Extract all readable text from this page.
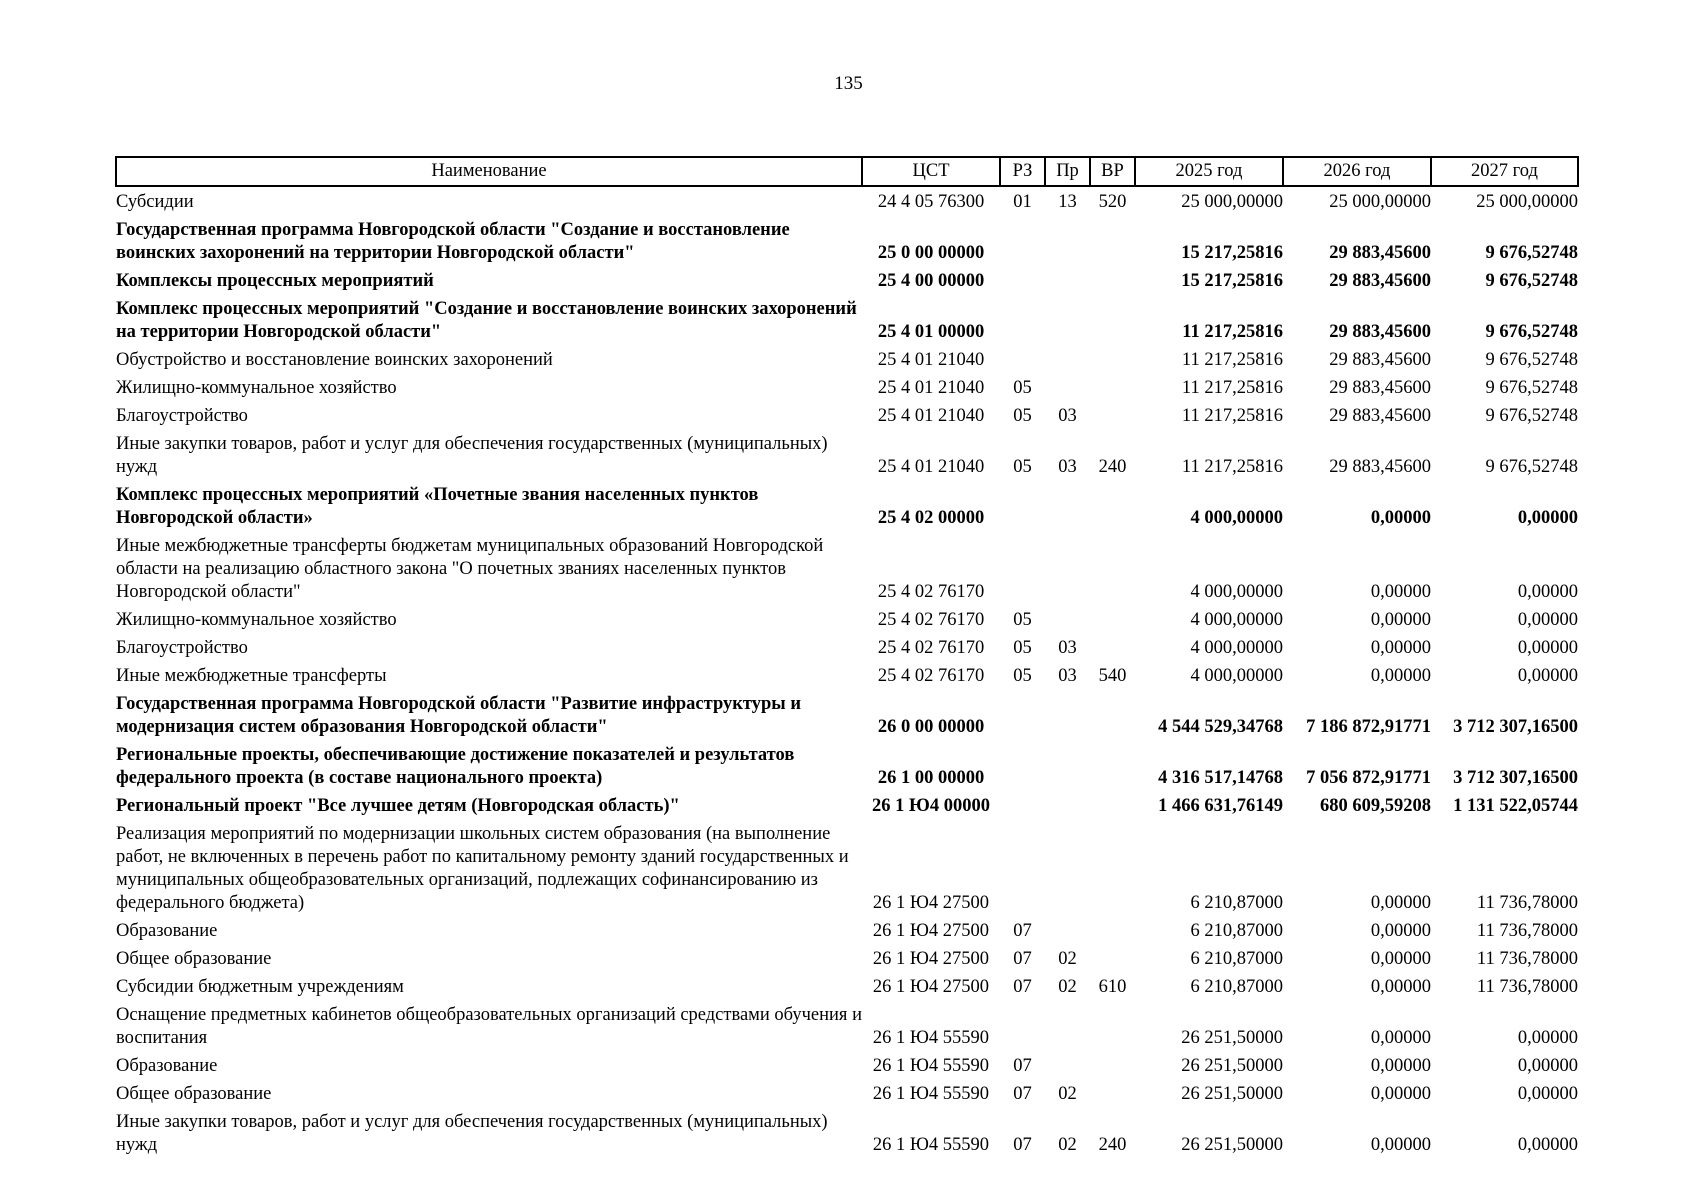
135
Наименование	ЦСТ	РЗ	Пр	ВР	2025 год	2026 год	2027 год
Субсидии	24 4 05 76300	01	13	520	25 000,00000	25 000,00000	25 000,00000
Государственная программа Новгородской области "Создание и восстановление воинских захоронений на территории Новгородской области"	25 0 00 00000				15 217,25816	29 883,45600	9 676,52748
Комплексы процессных мероприятий	25 4 00 00000				15 217,25816	29 883,45600	9 676,52748
Комплекс процессных мероприятий "Создание и восстановление воинских захоронений на территории Новгородской области"	25 4 01 00000				11 217,25816	29 883,45600	9 676,52748
Обустройство и восстановление воинских захоронений	25 4 01 21040				11 217,25816	29 883,45600	9 676,52748
Жилищно-коммунальное хозяйство	25 4 01 21040	05			11 217,25816	29 883,45600	9 676,52748
Благоустройство	25 4 01 21040	05	03		11 217,25816	29 883,45600	9 676,52748
Иные закупки товаров, работ и услуг для обеспечения государственных (муниципальных) нужд	25 4 01 21040	05	03	240	11 217,25816	29 883,45600	9 676,52748
Комплекс процессных мероприятий «Почетные звания населенных пунктов Новгородской области»	25 4 02 00000				4 000,00000	0,00000	0,00000
Иные межбюджетные трансферты бюджетам муниципальных образований Новгородской области на реализацию областного закона "О почетных званиях населенных пунктов Новгородской области"	25 4 02 76170				4 000,00000	0,00000	0,00000
Жилищно-коммунальное хозяйство	25 4 02 76170	05			4 000,00000	0,00000	0,00000
Благоустройство	25 4 02 76170	05	03		4 000,00000	0,00000	0,00000
Иные межбюджетные трансферты	25 4 02 76170	05	03	540	4 000,00000	0,00000	0,00000
Государственная программа Новгородской области "Развитие инфраструктуры и модернизация систем образования Новгородской области"	26 0 00 00000				4 544 529,34768	7 186 872,91771	3 712 307,16500
Региональные проекты, обеспечивающие достижение показателей и результатов федерального проекта (в составе национального проекта)	26 1 00 00000				4 316 517,14768	7 056 872,91771	3 712 307,16500
Региональный проект "Все лучшее детям (Новгородская область)"	26 1 Ю4 00000				1 466 631,76149	680 609,59208	1 131 522,05744
Реализация мероприятий по модернизации школьных систем образования (на выполнение работ, не включенных в перечень работ по капитальному ремонту зданий государственных и муниципальных общеобразовательных организаций, подлежащих софинансированию из федерального бюджета)	26 1 Ю4 27500				6 210,87000	0,00000	11 736,78000
Образование	26 1 Ю4 27500	07			6 210,87000	0,00000	11 736,78000
Общее образование	26 1 Ю4 27500	07	02		6 210,87000	0,00000	11 736,78000
Субсидии бюджетным учреждениям	26 1 Ю4 27500	07	02	610	6 210,87000	0,00000	11 736,78000
Оснащение предметных кабинетов общеобразовательных организаций средствами обучения и воспитания	26 1 Ю4 55590				26 251,50000	0,00000	0,00000
Образование	26 1 Ю4 55590	07			26 251,50000	0,00000	0,00000
Общее образование	26 1 Ю4 55590	07	02		26 251,50000	0,00000	0,00000
Иные закупки товаров, работ и услуг для обеспечения государственных (муниципальных) нужд	26 1 Ю4 55590	07	02	240	26 251,50000	0,00000	0,00000
